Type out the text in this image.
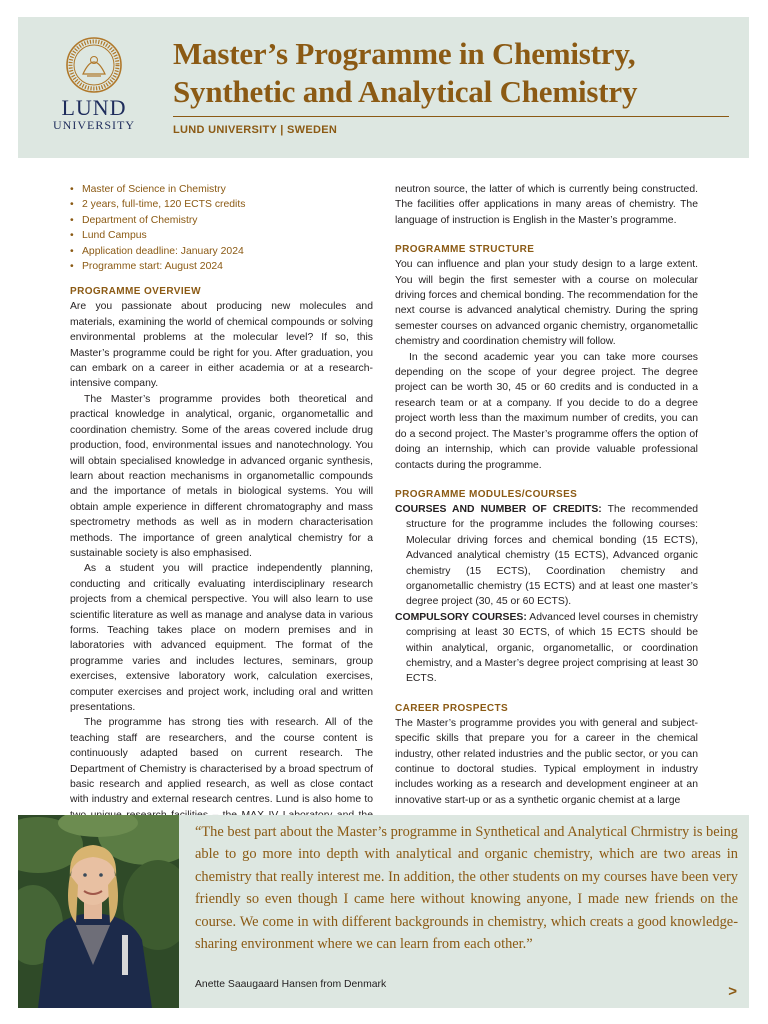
LUND
UNIVERSITY
Master’s Programme in Chemistry,
Synthetic and Analytical Chemistry
LUND UNIVERSITY | SWEDEN
• Master of Science in Chemistry
• 2 years, full-time, 120 ECTS credits
• Department of Chemistry
• Lund Campus
• Application deadline: January 2024
• Programme start: August 2024
PROGRAMME OVERVIEW

Are you passionate about producing new molecules and materials, examining the world of chemical compounds or solving environmental problems at the molecular level? If so, this Master’s programme could be right for you. After graduation, you can embark on a career in either academia or at a research-intensive company.

The Master’s programme provides both theoretical and practical knowledge in analytical, organic, organometallic and coordination chemistry. Some of the areas covered include drug production, food, environmental issues and nanotechnology. You will obtain specialised knowledge in advanced organic synthesis, learn about reaction mechanisms in organometallic compounds and the importance of metals in biological systems. You will obtain ample experience in different chromatography and mass spectrometry methods as well as in modern characterisation methods. The importance of green analytical chemistry for a sustainable society is also emphasised.

As a student you will practice independently planning, conducting and critically evaluating interdisciplinary research projects from a chemical perspective. You will also learn to use scientific literature as well as manage and analyse data in various forms. Teaching takes place on modern premises and in laboratories with advanced equipment. The format of the programme varies and includes lectures, seminars, group exercises, extensive laboratory work, calculation exercises, computer exercises and project work, including oral and written presentations.

The programme has strong ties with research. All of the teaching staff are researchers, and the course content is continuously adapted based on current research. The Department of Chemistry is characterised by a broad spectrum of basic research and applied research, as well as close contact with industry and external research centres. Lund is also home to

neutron source, the latter of which is currently being constructed. The facilities offer applications in many areas of chemistry. The language of instruction is English in the Master’s programme.

PROGRAMME STRUCTURE

You can influence and plan your study design to a large extent. You will begin the first semester with a course on molecular driving forces and chemical bonding. The recommendation for the next course is advanced analytical chemistry. During the spring semester courses on advanced organic chemistry, organometallic chemistry and coordination chemistry will follow.

In the second academic year you can take more courses depending on the scope of your degree project. The degree project can be worth 30, 45 or 60 credits and is conducted in a research team or at a company. If you decide to do a degree project worth less than the maximum number of credits, you can do a second project. The Master’s programme offers the option of doing an internship, which can provide valuable professional contacts during the programme.

PROGRAMME MODULES/COURSES

COURSES AND NUMBER OF CREDITS: The recommended structure for the programme includes the following courses: Molecular driving forces and chemical bonding (15 ECTS), Advanced analytical chemistry (15 ECTS), Advanced organic chemistry (15 ECTS), Coordination chemistry and organometallic chemistry (15 ECTS) and at least one master’s degree project (30, 45 or 60 ECTS).

COMPULSORY COURSES: Advanced level courses in chemistry comprising at least 30 ECTS, of which 15 ECTS should be within analytical, organic, organometallic, or coordination chemistry, and a Master’s degree project comprising at least 30 ECTS.

CAREER PROSPECTS

The Master’s programme provides you with general and subject-specific skills that prepare you for a career in the chemical industry, other related industries and the public sector, or you can continue to doctoral studies. Typical employment in industry includes working as a research and development engineer at an innovative start-up or as a synthetic organic chemist at a large

“The best part about the Master’s programme in Synthetical and Analytical Chrmistry is being able to go more into depth with analytical and organic chemistry, which are two areas in chemistry that really interest me. In addition, the other students on my courses have been very friendly so even though I came here without knowing anyone, I made new friends on the course. We come in with different backgrounds in chemistry, which creats a good knowledge-sharing environment where we can learn from each other.”
Anette Saaugaard Hansen from Denmark	>
